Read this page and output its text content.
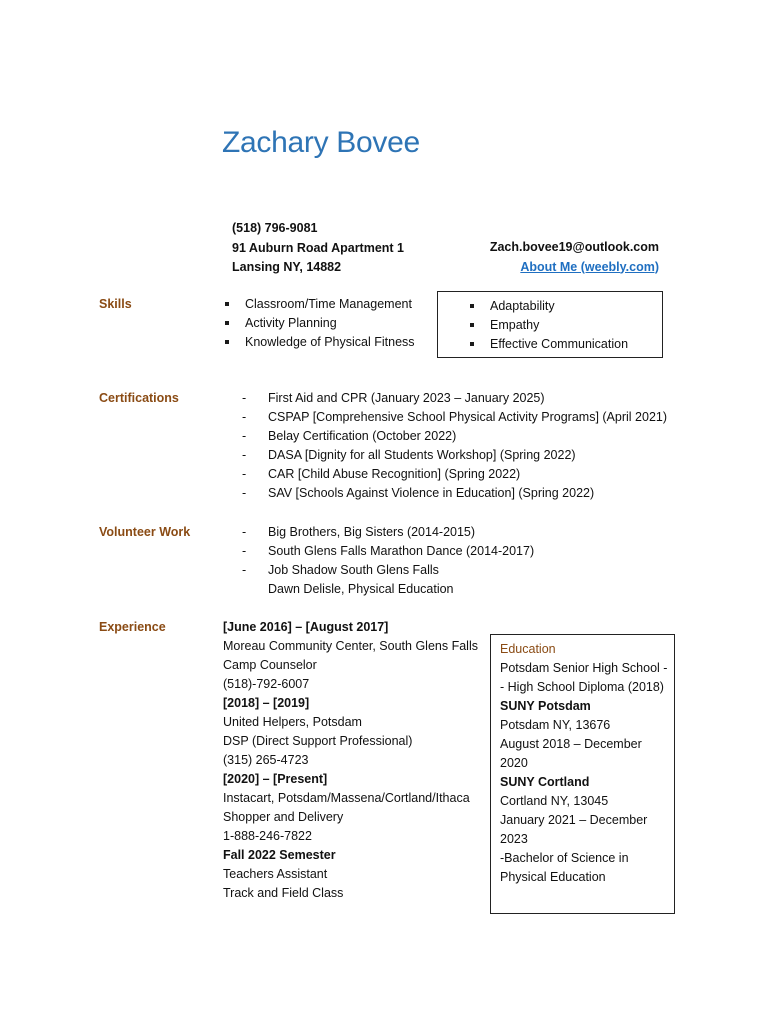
Zachary Bovee
(518) 796-9081
91 Auburn Road Apartment 1
Lansing NY, 14882
Zach.bovee19@outlook.com
About Me (weebly.com)
Skills	Classroom/Time Management
Activity Planning
Knowledge of Physical Fitness
Adaptability
Empathy
Effective Communication
Certifications	- First Aid and CPR (January 2023 – January 2025)
- CSPAP [Comprehensive School Physical Activity Programs] (April 2021)
- Belay Certification (October 2022)
- DASA [Dignity for all Students Workshop] (Spring 2022)
- CAR [Child Abuse Recognition] (Spring 2022)
- SAV [Schools Against Violence in Education] (Spring 2022)
Volunteer Work	- Big Brothers, Big Sisters (2014-2015)
- South Glens Falls Marathon Dance (2014-2017)
- Job Shadow South Glens Falls
Dawn Delisle, Physical Education
Experience	[June 2016] – [August 2017]
Moreau Community Center, South Glens Falls
Camp Counselor
(518)-792-6007
[2018] – [2019]
United Helpers, Potsdam
DSP (Direct Support Professional)
(315) 265-4723
[2020] – [Present]
Instacart, Potsdam/Massena/Cortland/Ithaca
Shopper and Delivery
1-888-246-7822
Fall 2022 Semester
Teachers Assistant
Track and Field Class
Education
Potsdam Senior High School -
- High School Diploma (2018)
SUNY Potsdam
Potsdam NY, 13676
August 2018 – December
2020
SUNY Cortland
Cortland NY, 13045
January 2021 – December
2023
-Bachelor of Science in
Physical Education
